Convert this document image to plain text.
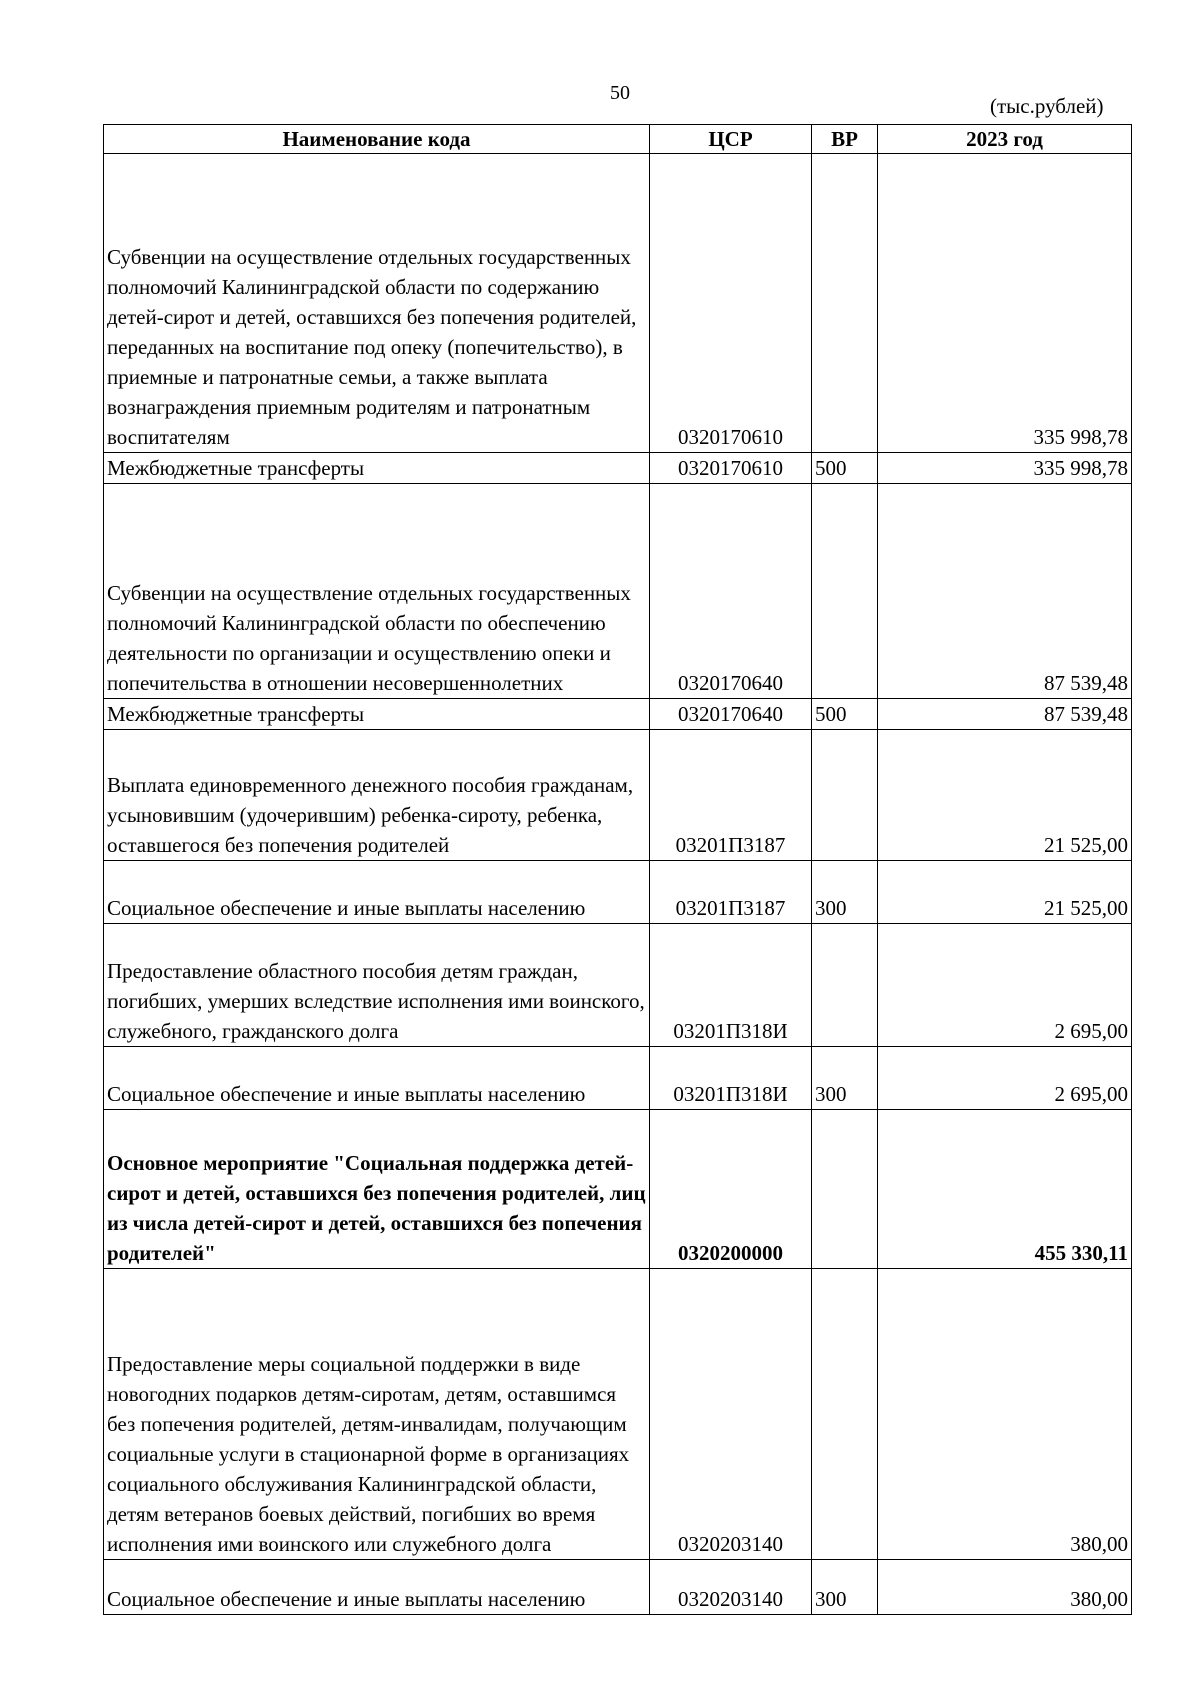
50
(тыс.рублей)
Наименование кода	ЦСР	ВР	2023 год
Субвенции на осуществление отдельных государственных полномочий Калининградской области по содержанию детей-сирот и детей, оставшихся без попечения родителей, переданных на воспитание под опеку (попечительство), в приемные и патронатные семьи, а также выплата вознаграждения приемным родителям и патронатным воспитателям	0320170610		335 998,78
Межбюджетные трансферты	0320170610	500	335 998,78
Субвенции на осуществление отдельных государственных полномочий Калининградской области по обеспечению деятельности по организации и осуществлению опеки и попечительства в отношении несовершеннолетних	0320170640		87 539,48
Межбюджетные трансферты	0320170640	500	87 539,48
Выплата единовременного денежного пособия гражданам, усыновившим (удочерившим) ребенка-сироту, ребенка, оставшегося без попечения родителей	03201П3187		21 525,00
Социальное обеспечение и иные выплаты населению	03201П3187	300	21 525,00
Предоставление областного пособия детям граждан, погибших, умерших вследствие исполнения ими воинского, служебного, гражданского долга	03201П318И		2 695,00
Социальное обеспечение и иные выплаты населению	03201П318И	300	2 695,00
Основное мероприятие "Социальная поддержка детей-сирот и детей, оставшихся без попечения родителей, лиц из числа детей-сирот и детей, оставшихся без попечения родителей"	0320200000		455 330,11
Предоставление меры социальной поддержки в виде новогодних подарков детям-сиротам, детям, оставшимся без попечения родителей, детям-инвалидам, получающим социальные услуги в стационарной форме в организациях социального обслуживания Калининградской области, детям ветеранов боевых действий, погибших во время исполнения ими воинского или служебного долга	0320203140		380,00
Социальное обеспечение и иные выплаты населению	0320203140	300	380,00
